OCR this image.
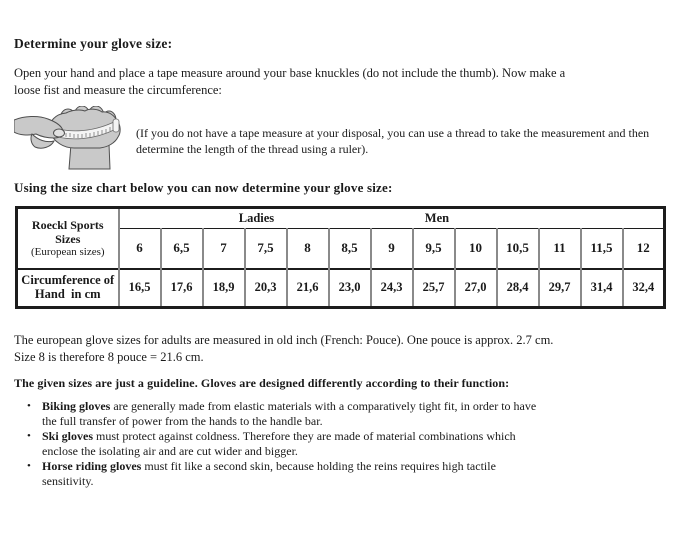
Determine your glove size:

Open your hand and place a tape measure around your base knuckles (do not include the thumb). Now make a
loose fist and measure the circumference:

(If you do not have a tape measure at your disposal, you can use a thread to take the measurement and then
determine the length of the thread using a ruler).

Using the size chart below you can now determine your glove size:
Roeckl Sports
Sizes
(European sizes)	Ladies Men												

	6	6,5	7	7,5	8	8,5	9	9,5	10	10,5	11	11,5	12

Circumference of
Hand  in cm	16,5	17,6	18,9	20,3	21,6	23,0	24,3	25,7	27,0	28,4	29,7	31,4	32,4

The european glove sizes for adults are measured in old inch (French: Pouce). One pouce is approx. 2.7 cm.
Size 8 is therefore 8 pouce = 21.6 cm.

The given sizes are just a guideline. Gloves are designed differently according to their function:

• Biking gloves are generally made from elastic materials with a comparatively tight fit, in order to have
the full transfer of power from the hands to the handle bar.
• Ski gloves must protect against coldness. Therefore they are made of material combinations which
enclose the isolating air and are cut wider and bigger.
• Horse riding gloves must fit like a second skin, because holding the reins requires high tactile
sensitivity.
